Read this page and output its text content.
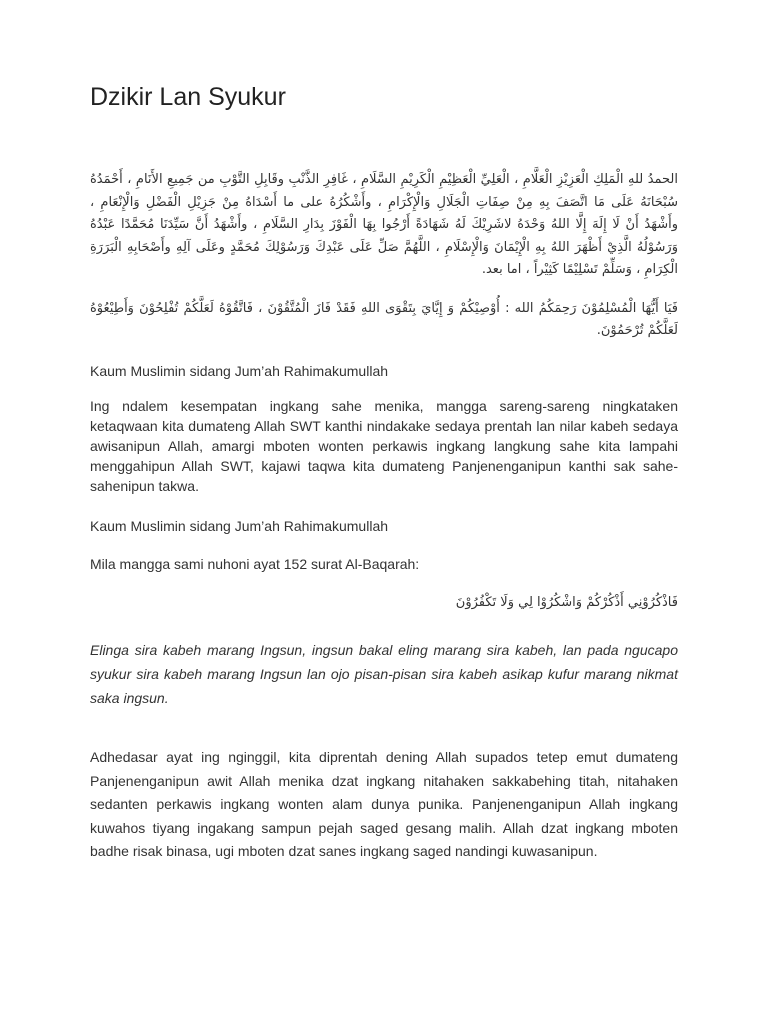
Dzikir Lan Syukur

الحمدُ للهِ الْمَلِكِ الْعَزِيْزِ الْعَلَّامِ ، الْعَلِيِّ الْعَظِيْمِ الْكَرِيْمِ السَّلَامِ ، غَافِرِ الذَّنْبِ وقَابِلِ التَّوْبِ من جَمِيعِ الأَنَامِ ، أَحْمَدُهُ سُبْحَانَهُ عَلَى مَا اتَّصَفَ بِهِ مِنْ صِفَاتِ الْجَلَالِ وَالْإِكْرَامِ ، وأَشْكُرُهُ على ما أَسْدَاهُ مِنْ جَزِيْلِ الْفَضْلِ وَالْإِنْعَامِ ، وأَشْهَدُ أَنْ لَا إِلَهَ إِلَّا اللهُ وَحْدَهُ لاشَرِيْكَ لَهُ شَهَادَةً أَرْجُوا بِهَا الْفَوْزَ بِدَارِ السَّلَامِ ، وأَشْهَدُ أَنَّ سَيِّدَنَا مُحَمَّدًا عَبْدُهُ وَرَسُوْلُهُ الَّذِيْ أَظْهَرَ اللهُ بِهِ الْإِيْمَانَ وَالْإِسْلَامِ ، اللَّهُمَّ صَلِّ عَلَى عَبْدِكَ وَرَسُوْلِكَ مُحَمَّدٍ وعَلَى آلِهِ وأَصْحَابِهِ الْبَرَرَةِ الْكِرَامِ ، وَسَلِّمْ تَسْلِيْمًا كَثِيْراً ، اما بعد.

فَيَا أَيُّهَا الْمُسْلِمُوْنَ رَحِمَكُمُ الله : أُوْصِيْكُمْ وَ إِيَّايَ بِتَقْوَى اللهِ فَقَدْ فَازَ الْمُتَّقُوْنَ ، فَاتَّقُوْهُ لَعَلَّكُمْ تُفْلِحُوْنَ وَأَطِيْعُوْهُ لَعَلَّكُمْ تُرْحَمُوْنَ.

Kaum Muslimin sidang Jum’ah Rahimakumullah

Ing ndalem kesempatan ingkang sahe menika, mangga sareng-sareng ningkataken ketaqwaan kita dumateng Allah SWT kanthi nindakake sedaya prentah lan nilar kabeh sedaya awisanipun Allah, amargi mboten wonten perkawis ingkang langkung sahe kita lampahi menggahipun Allah SWT, kajawi taqwa kita dumateng Panjenenganipun kanthi sak sahe-sahenipun takwa.

Kaum Muslimin sidang Jum’ah Rahimakumullah

Mila mangga sami nuhoni ayat 152 surat Al-Baqarah:

فَاذْكُرُوْنِي أَذْكُرْكُمْ وَاشْكُرُوْا لِي وَلَا تَكْفُرُوْنَ

Elinga sira kabeh marang Ingsun, ingsun bakal eling marang sira kabeh, lan pada ngucapo syukur sira kabeh marang Ingsun lan ojo pisan-pisan sira kabeh asikap kufur marang nikmat saka ingsun.

Adhedasar ayat ing nginggil, kita diprentah dening Allah supados tetep emut dumateng Panjenenganipun awit Allah menika dzat ingkang nitahaken sakkabehing titah, nitahaken sedanten perkawis ingkang wonten alam dunya punika. Panjenenganipun Allah ingkang kuwahos tiyang ingakang sampun pejah saged gesang malih. Allah dzat ingkang mboten badhe risak binasa, ugi mboten dzat sanes ingkang saged nandingi kuwasanipun.
